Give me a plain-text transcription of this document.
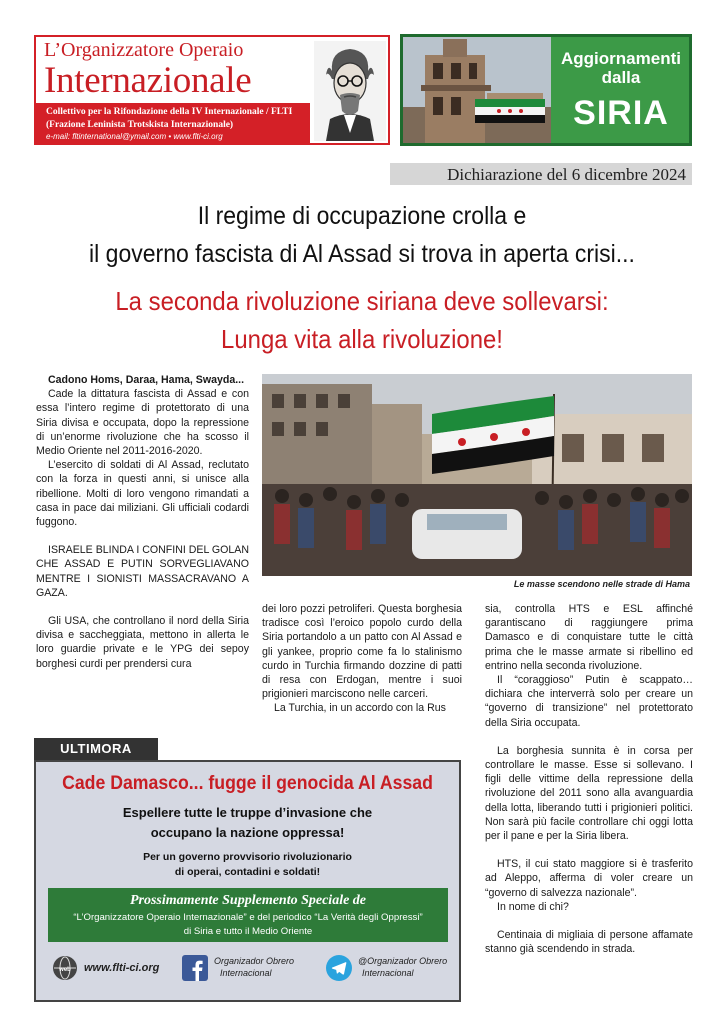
L’Organizzatore Operaio
Internazionale
Collettivo per la Rifondazione della IV Internazionale / FLTI
(Frazione Leninista Trotskista Internazionale)
e-mail: fltinternational@ymail.com • www.flti-ci.org
Aggiornamenti
dalla
SIRIA
Dichiarazione del 6 dicembre 2024
Il regime di occupazione crolla e
il governo fascista di Al Assad si trova in aperta crisi...
La seconda rivoluzione siriana deve sollevarsi:
Lunga vita alla rivoluzione!
Le masse scendono nelle strade di Hama

Cadono Homs, Daraa, Hama, Swayda...

Cade la dittatura fascista di Assad e con essa l’intero regime di protettorato di una Siria divisa e occupata, dopo la repressione di un’enorme rivoluzione che ha scosso il Medio Oriente nel 2011-2016-2020.

L’esercito di soldati di Al Assad, reclutato con la forza in questi anni, si unisce alla ribellione. Molti di loro vengono rimandati a casa in pace dai miliziani. Gli ufficiali codardi fuggono.

ISRAELE BLINDA I CONFINI DEL GOLAN CHE ASSAD E PUTIN SORVEGLIAVANO MENTRE I SIONISTI MASSACRAVANO A GAZA.

Gli USA, che controllano il nord della Siria divisa e saccheggiata, mettono in allerta le loro guardie private e le YPG dei sepoy borghesi curdi per prendersi cura

dei loro pozzi petroliferi. Questa borghesia tradisce così l’eroico popolo curdo della Siria portandolo a un patto con Al Assad e gli yankee, proprio come fa lo stalinismo curdo in Turchia firmando dozzine di patti di resa con Erdogan, mentre i suoi prigionieri marciscono nelle carceri.

La Turchia, in un accordo con la Rus

sia, controlla HTS e ESL affinché garantiscano di raggiungere prima Damasco e di conquistare tutte le città prima che le masse armate si ribellino ed entrino nella seconda rivoluzione.

Il “coraggioso” Putin è scappato… dichiara che interverrà solo per creare un “governo di transizione” nel protettorato della Siria occupata.

La borghesia sunnita è in corsa per controllare le masse. Esse si sollevano. I figli delle vittime della repressione della rivoluzione del 2011 sono alla avanguardia della lotta, liberando tutti i prigionieri politici. Non sarà più facile controllare chi oggi lotta per il pane e per la Siria libera.

HTS, il cui stato maggiore si è trasferito ad Aleppo, afferma di voler creare un “governo di salvezza nazionale”.

In nome di chi?

Centinaia di migliaia di persone affamate stanno già scendendo in strada.

ULTIMORA
Cade Damasco... fugge il genocida Al Assad
Espellere tutte le truppe d’invasione che
occupano la nazione oppressa!
Per un governo provvisorio rivoluzionario
di operai, contadini e soldati!
Prossimamente Supplemento Speciale de
“L’Organizzatore Operaio Internazionale” e del periodico “La Verità degli Oppressi”
di Siria e tutto il Medio Oriente
web www.flti-ci.org
Organizador Obrero
Internacional
@Organizador Obrero
Internacional
